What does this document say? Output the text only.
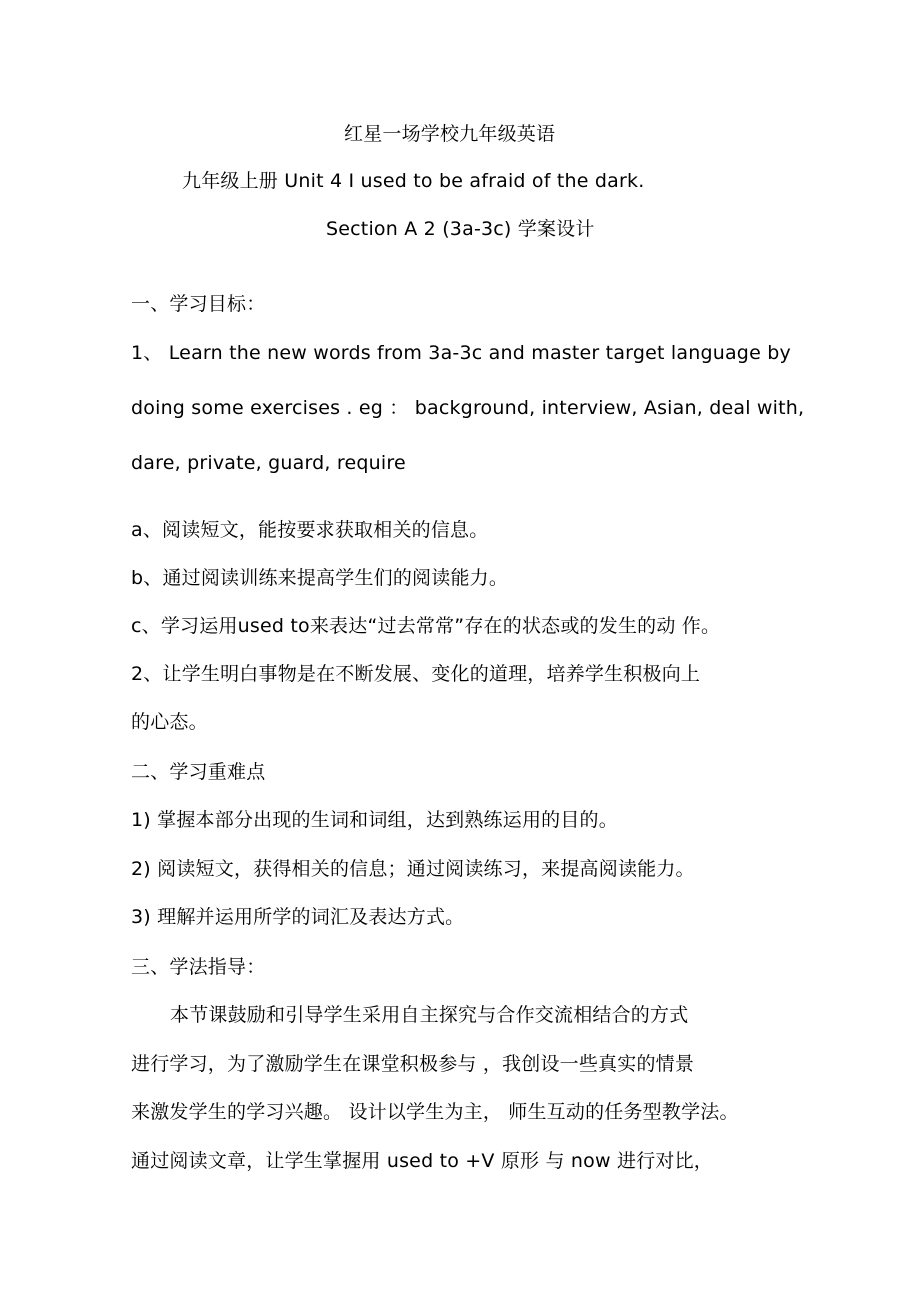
红星一场学校九年级英语
九年级上册 Unit 4 I used to be afraid of the dark.
Section A 2 (3a-3c) 学案设计
一、学习目标：
1、 Learn the new words from 3a-3c and master target language by
doing some exercises . eg ： background, interview, Asian, deal with,
dare, private, guard, require
a、阅读短文，能按要求获取相关的信息。
b、通过阅读训练来提高学生们的阅读能力。
c、学习运用used to来表达“过去常常”存在的状态或的发生的动 作。
2、让学生明白事物是在不断发展、变化的道理，培养学生积极向上
的心态。
二、学习重难点
1) 掌握本部分出现的生词和词组，达到熟练运用的目的。
2) 阅读短文，获得相关的信息；通过阅读练习，来提高阅读能力。
3) 理解并运用所学的词汇及表达方式。
三、学法指导：
本节课鼓励和引导学生采用自主探究与合作交流相结合的方式
进行学习，为了激励学生在课堂积极参与 ，我创设一些真实的情景
来激发学生的学习兴趣。 设计以学生为主， 师生互动的任务型教学法。
通过阅读文章，让学生掌握用 used to +V 原形 与 now 进行对比，
